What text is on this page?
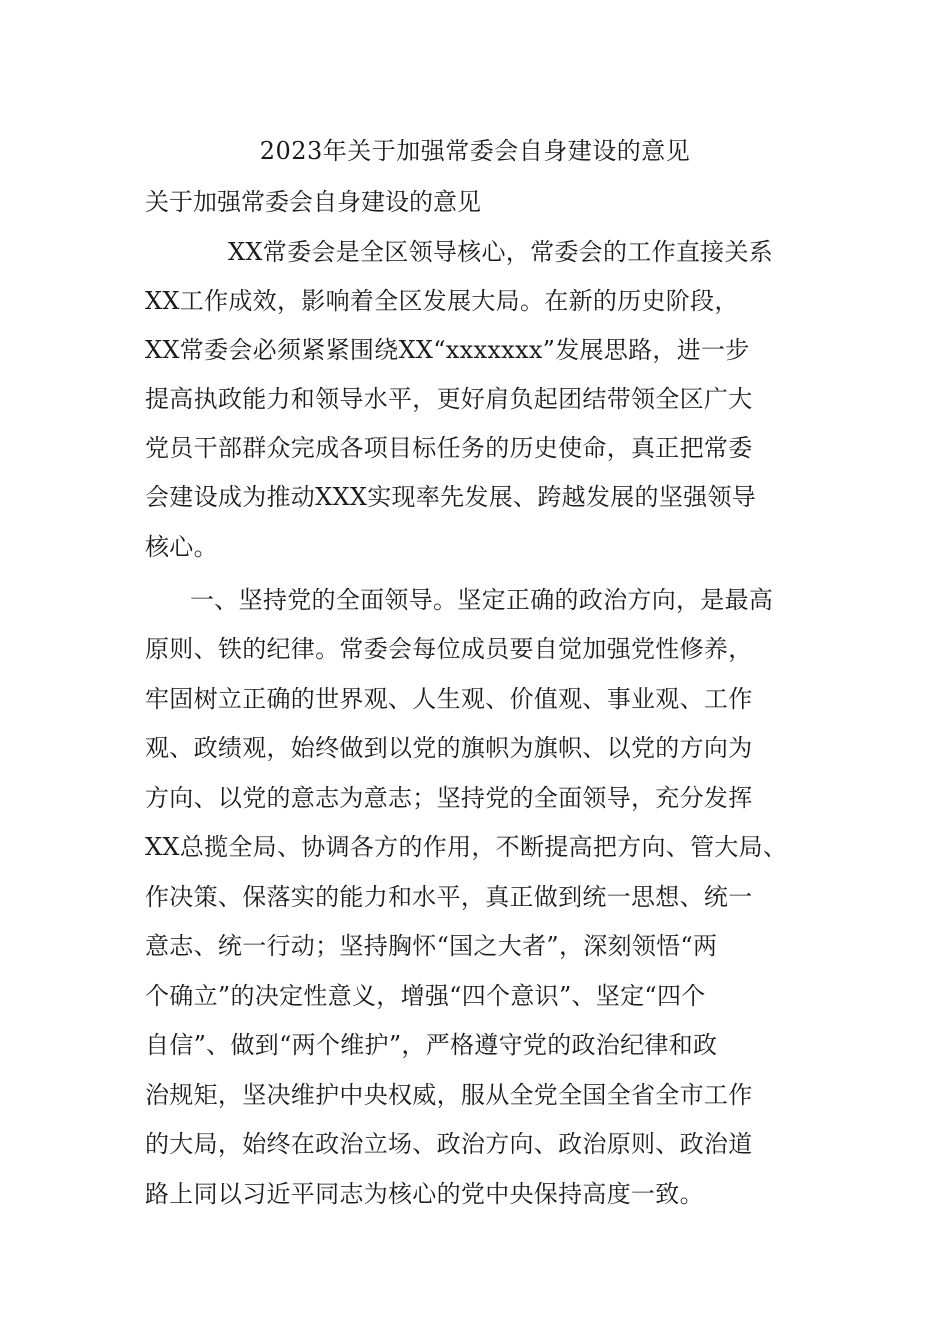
2023年关于加强常委会自身建设的意见
关于加强常委会自身建设的意见
XX常委会是全区领导核心，常委会的工作直接关系
XX工作成效，影响着全区发展大局。在新的历史阶段，
XX常委会必须紧紧围绕XX“xxxxxxx”发展思路，进一步
提高执政能力和领导水平，更好肩负起团结带领全区广大
党员干部群众完成各项目标任务的历史使命，真正把常委
会建设成为推动XXX实现率先发展、跨越发展的坚强领导
核心。
一、坚持党的全面领导。坚定正确的政治方向，是最高
原则、铁的纪律。常委会每位成员要自觉加强党性修养，
牢固树立正确的世界观、人生观、价值观、事业观、工作
观、政绩观，始终做到以党的旗帜为旗帜、以党的方向为
方向、以党的意志为意志；坚持党的全面领导，充分发挥
XX总揽全局、协调各方的作用，不断提高把方向、管大局、
作决策、保落实的能力和水平，真正做到统一思想、统一
意志、统一行动；坚持胸怀“国之大者”，深刻领悟“两
个确立”的决定性意义，增强“四个意识”、坚定“四个
自信”、做到“两个维护”，严格遵守党的政治纪律和政
治规矩，坚决维护中央权威，服从全党全国全省全市工作
的大局，始终在政治立场、政治方向、政治原则、政治道
路上同以习近平同志为核心的党中央保持高度一致。
